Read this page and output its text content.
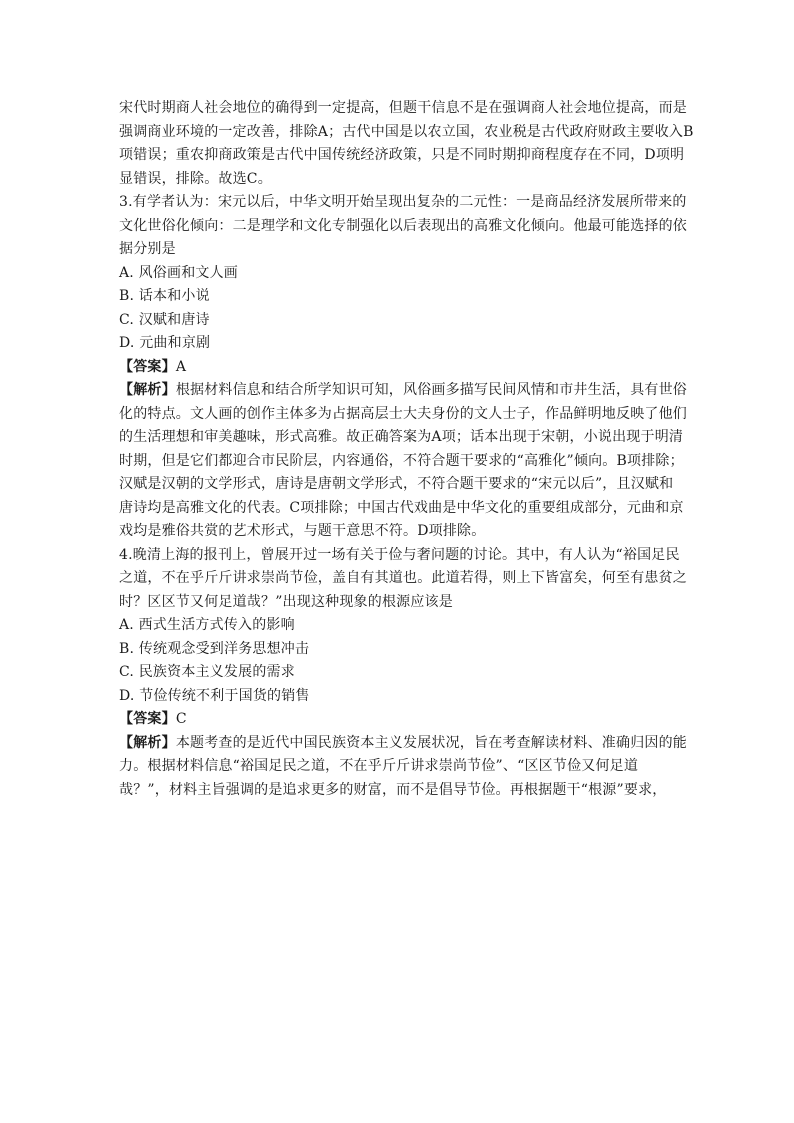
宋代时期商人社会地位的确得到一定提高，但题干信息不是在强调商人社会地位提高，而是
强调商业环境的一定改善，排除A；古代中国是以农立国，农业税是古代政府财政主要收入B
项错误；重农抑商政策是古代中国传统经济政策，只是不同时期抑商程度存在不同，D项明
显错误，排除。故选C。
3.有学者认为：宋元以后，中华文明开始呈现出复杂的二元性：一是商品经济发展所带来的
文化世俗化倾向：二是理学和文化专制强化以后表现出的高雅文化倾向。他最可能选择的依
据分别是
A. 风俗画和文人画
B. 话本和小说
C. 汉赋和唐诗
D. 元曲和京剧
【答案】A
【解析】根据材料信息和结合所学知识可知，风俗画多描写民间风情和市井生活，具有世俗
化的特点。文人画的创作主体多为占据高层士大夫身份的文人士子，作品鲜明地反映了他们
的生活理想和审美趣味，形式高雅。故正确答案为A项；话本出现于宋朝，小说出现于明清
时期，但是它们都迎合市民阶层，内容通俗，不符合题干要求的“高雅化”倾向。B项排除；
汉赋是汉朝的文学形式，唐诗是唐朝文学形式，不符合题干要求的“宋元以后”，且汉赋和
唐诗均是高雅文化的代表。C项排除；中国古代戏曲是中华文化的重要组成部分，元曲和京
戏均是雅俗共赏的艺术形式，与题干意思不符。D项排除。
4.晚清上海的报刊上，曾展开过一场有关于俭与奢问题的讨论。其中，有人认为“裕国足民
之道，不在乎斤斤讲求崇尚节俭，盖自有其道也。此道若得，则上下皆富矣，何至有患贫之
时？区区节又何足道哉？”出现这种现象的根源应该是
A. 西式生活方式传入的影响
B. 传统观念受到洋务思想冲击
C. 民族资本主义发展的需求
D. 节俭传统不利于国货的销售
【答案】C
【解析】本题考查的是近代中国民族资本主义发展状况，旨在考查解读材料、准确归因的能
力。根据材料信息“裕国足民之道，不在乎斤斤讲求崇尚节俭”、“区区节俭又何足道
哉？”，材料主旨强调的是追求更多的财富，而不是倡导节俭。再根据题干“根源”要求，
